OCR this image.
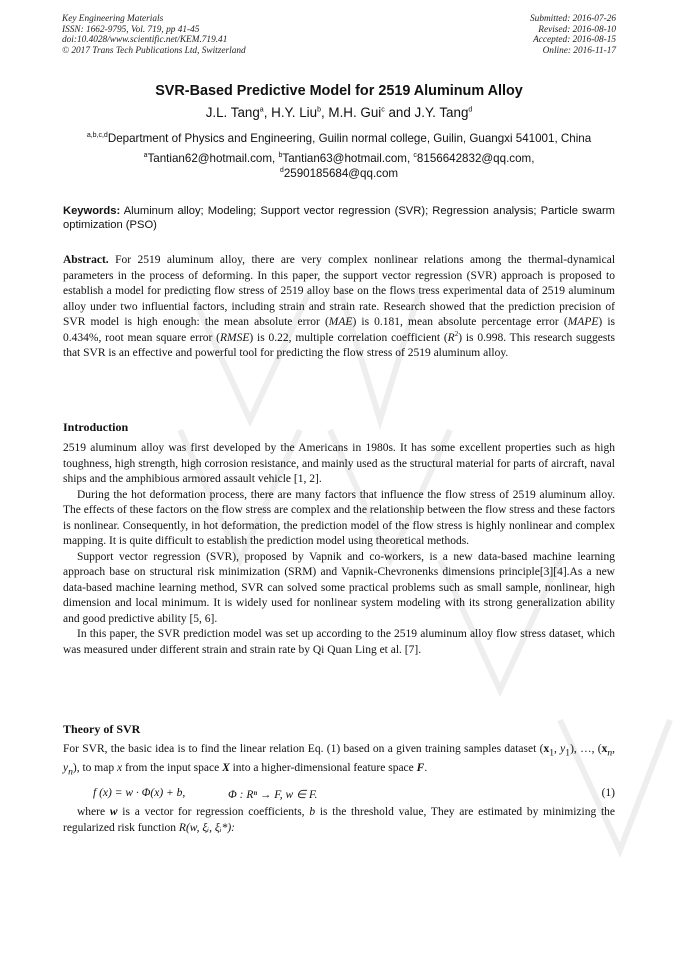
Key Engineering Materials
ISSN: 1662-9795, Vol. 719, pp 41-45
doi:10.4028/www.scientific.net/KEM.719.41
© 2017 Trans Tech Publications Ltd, Switzerland
Submitted: 2016-07-26
Revised: 2016-08-10
Accepted: 2016-08-15
Online: 2016-11-17
SVR-Based Predictive Model for 2519 Aluminum Alloy
J.L. Tang$^a$, H.Y. Liu$^b$, M.H. Gui$^c$ and J.Y. Tang$^d$
$^{a,b,c,d}$Department of Physics and Engineering, Guilin normal college, Guilin, Guangxi 541001, China
$^a$Tantian62@hotmail.com, $^b$Tantian63@hotmail.com, $^c$8156642832@qq.com,
$^d$2590185684@qq.com
Keywords: Aluminum alloy; Modeling; Support vector regression (SVR); Regression analysis; Particle swarm optimization (PSO)
Abstract. For 2519 aluminum alloy, there are very complex nonlinear relations among the thermal-dynamical parameters in the process of deforming. In this paper, the support vector regression (SVR) approach is proposed to establish a model for predicting flow stress of 2519 alloy base on the flows tress experimental data of 2519 aluminum alloy under two influential factors, including strain and strain rate. Research showed that the prediction precision of SVR model is high enough: the mean absolute error (MAE) is 0.181, mean absolute percentage error (MAPE) is 0.434%, root mean square error (RMSE) is 0.22, multiple correlation coefficient $(R^2)$ is 0.998. This research suggests that SVR is an effective and powerful tool for predicting the flow stress of 2519 aluminum alloy.
Introduction

2519 aluminum alloy was first developed by the Americans in 1980s. It has some excellent properties such as high toughness, high strength, high corrosion resistance, and mainly used as the structural material for parts of aircraft, naval ships and the amphibious armored assault vehicle [1, 2].

During the hot deformation process, there are many factors that influence the flow stress of 2519 aluminum alloy. The effects of these factors on the flow stress are complex and the relationship between the flow stress and these factors is nonlinear. Consequently, in hot deformation, the prediction model of the flow stress is highly nonlinear and complex mapping. It is quite difficult to establish the prediction model using theoretical methods.

Support vector regression (SVR), proposed by Vapnik and co-workers, is a new data-based machine learning approach base on structural risk minimization (SRM) and Vapnik-Chevronenks dimensions principle[3][4].As a new data-based machine learning method, SVR can solved some practical problems such as small sample, nonlinear, high dimension and local minimum. It is widely used for nonlinear system modeling with its strong generalization ability and good predictive ability [5, 6].

In this paper, the SVR prediction model was set up according to the 2519 aluminum alloy flow stress dataset, which was measured under different strain and strain rate by Qi Quan Ling et al. [7].

Theory of SVR

For SVR, the basic idea is to find the linear relation Eq. (1) based on a given training samples dataset ($x_1$, $y_1$), …, ($x_n$, $y_n$), to map x from the input space X into a higher-dimensional feature space F.

f (x) = w · Φ(x) + b,	Φ : Rⁿ → F, w ∈ F.	(1)

where w is a vector for regression coefficients, b is the threshold value, They are estimated by minimizing the regularized risk function R(w, ξᵢ, ξᵢ*):
